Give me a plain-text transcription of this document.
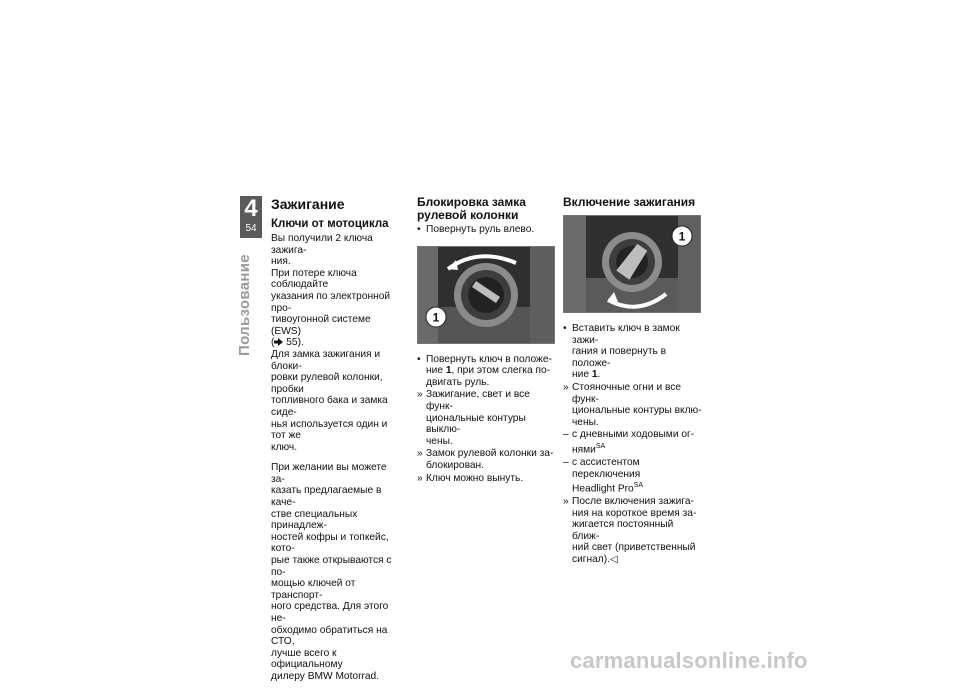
4
54
Пользование
Зажигание
Ключи от мотоцикла

Вы получили 2 ключа зажига-
ния.
При потере ключа соблюдайте
указания по электронной про-
тивоугонной системе (EWS)
( 55).
Для замка зажигания и блоки-
ровки рулевой колонки, пробки
топливного бака и замка сиде-
нья используется один и тот же
ключ.

При желании вы можете за-
казать предлагаемые в каче-
стве специальных принадлеж-
ностей кофры и топкейс, кото-
рые также открываются с по-
мощью ключей от транспорт-
ного средства. Для этого не-
обходимо обратиться на СТО,
лучше всего к официальному
дилеру BMW Motorrad.

Блокировка замка
рулевой колонки
• Повернуть руль влево.
1
• Повернуть ключ в положе-
ние 1, при этом слегка по-
двигать руль.
» Зажигание, свет и все функ-
циональные контуры выклю-
чены.
» Замок рулевой колонки за-
блокирован.
» Ключ можно вынуть.
Включение зажигания
1
• Вставить ключ в замок зажи-
гания и повернуть в положе-
ние 1.
» Стояночные огни и все функ-
циональные контуры вклю-
чены.
– с дневными ходовыми ог-
нями$^{SA}$
– с ассистентом переключения
Headlight Pro$^{SA}$
» После включения зажига-
ния на короткое время за-
жигается постоянный ближ-
ний свет (приветственный
сигнал).◁
carmanualsonline.info
